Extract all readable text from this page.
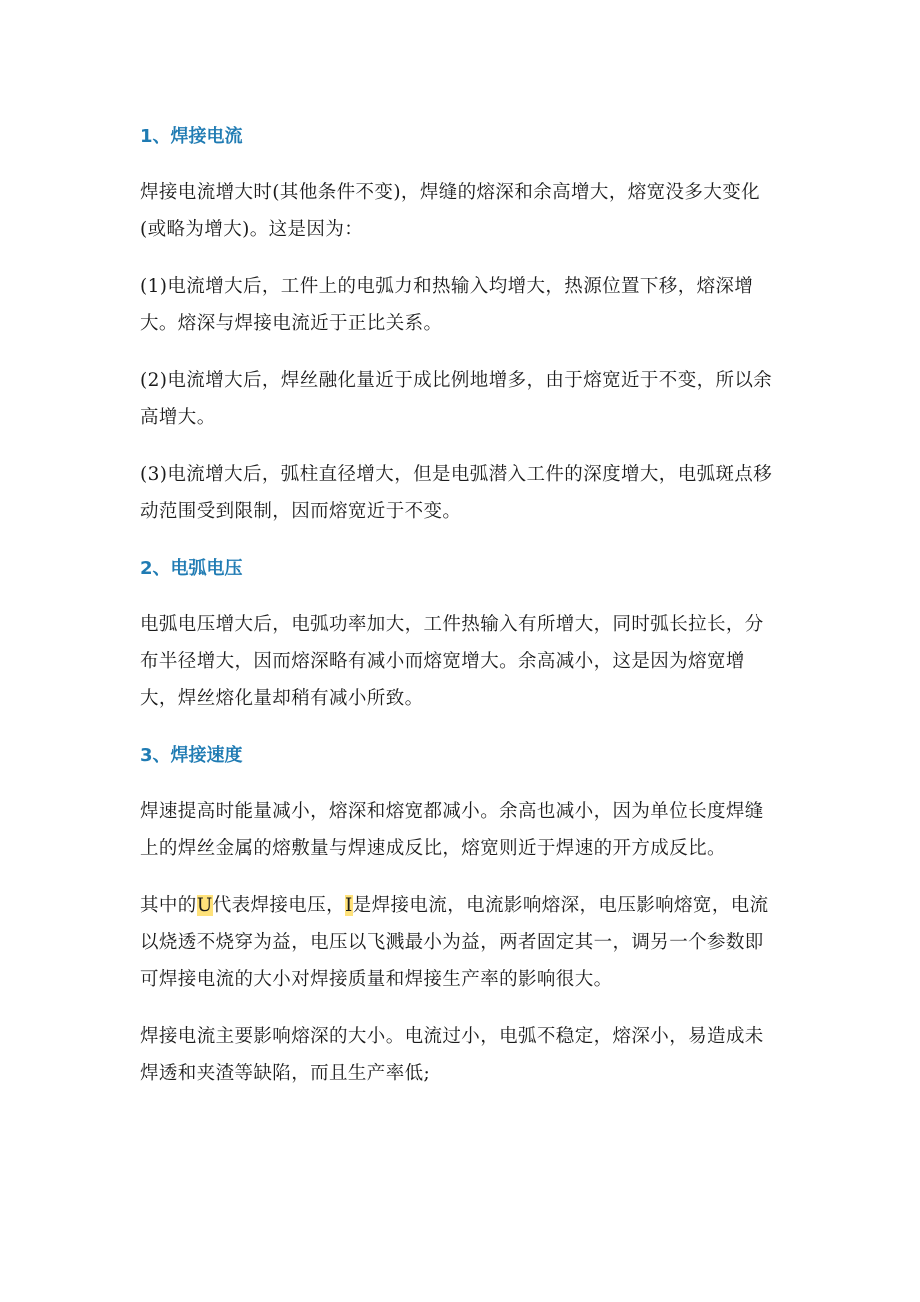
1、焊接电流

焊接电流增大时(其他条件不变)，焊缝的熔深和余高增大，熔宽没多大变化(或略为增大)。这是因为：

(1)电流增大后，工件上的电弧力和热输入均增大，热源位置下移，熔深增大。熔深与焊接电流近于正比关系。

(2)电流增大后，焊丝融化量近于成比例地增多，由于熔宽近于不变，所以余高增大。

(3)电流增大后，弧柱直径增大，但是电弧潜入工件的深度增大，电弧斑点移动范围受到限制，因而熔宽近于不变。

2、电弧电压

电弧电压增大后，电弧功率加大，工件热输入有所增大，同时弧长拉长，分布半径增大，因而熔深略有减小而熔宽增大。余高减小，这是因为熔宽增大，焊丝熔化量却稍有减小所致。

3、焊接速度

焊速提高时能量减小，熔深和熔宽都减小。余高也减小，因为单位长度焊缝上的焊丝金属的熔敷量与焊速成反比，熔宽则近于焊速的开方成反比。

其中的U代表焊接电压，I是焊接电流，电流影响熔深，电压影响熔宽，电流以烧透不烧穿为益，电压以飞溅最小为益，两者固定其一，调另一个参数即可焊接电流的大小对焊接质量和焊接生产率的影响很大。

焊接电流主要影响熔深的大小。电流过小，电弧不稳定，熔深小，易造成未焊透和夹渣等缺陷，而且生产率低;
